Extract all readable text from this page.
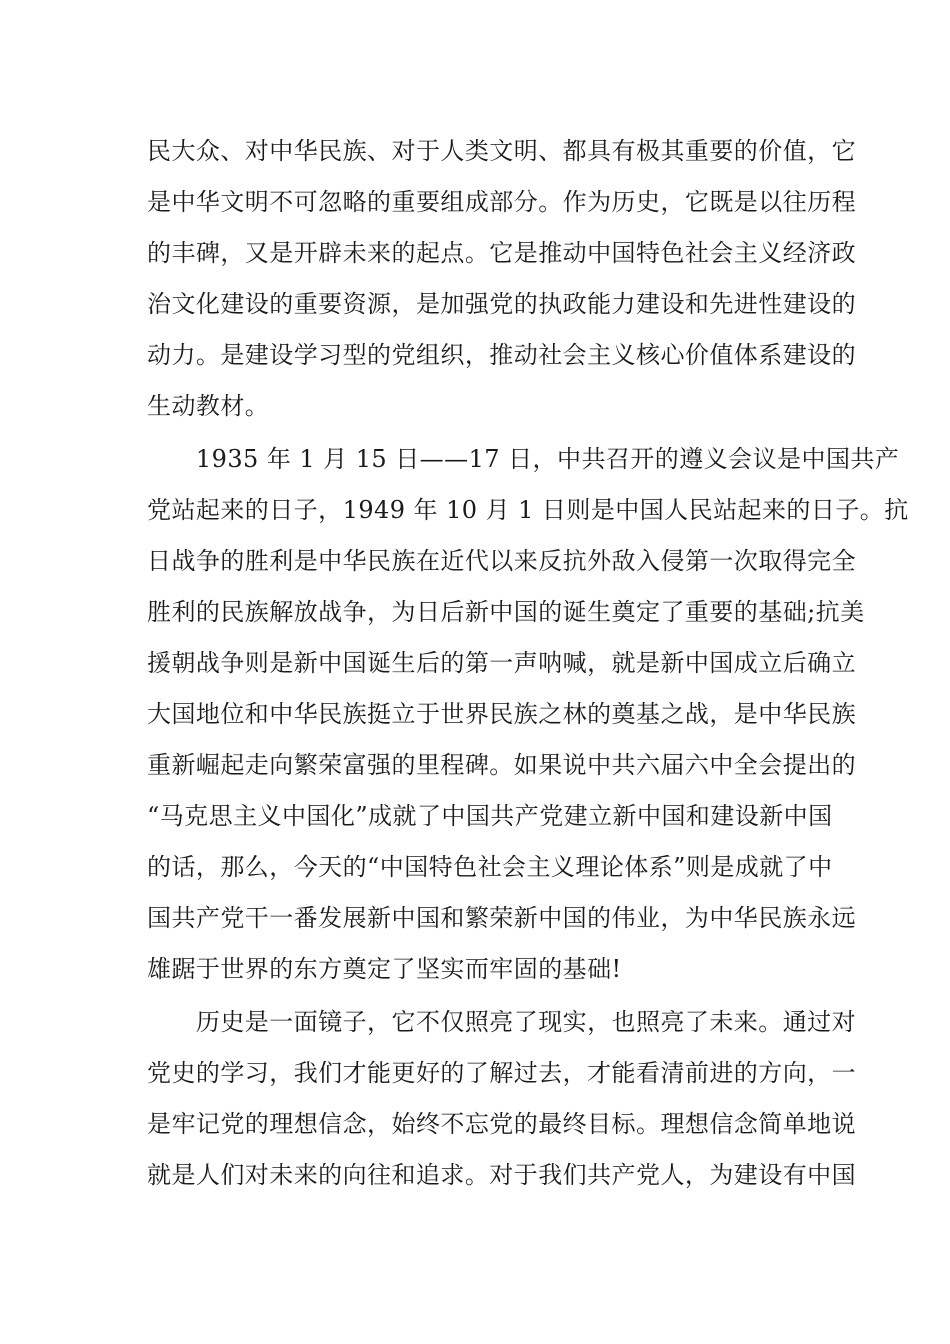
民大众、对中华民族、对于人类文明、都具有极其重要的价值，它
是中华文明不可忽略的重要组成部分。作为历史，它既是以往历程
的丰碑，又是开辟未来的起点。它是推动中国特色社会主义经济政
治文化建设的重要资源，是加强党的执政能力建设和先进性建设的
动力。是建设学习型的党组织，推动社会主义核心价值体系建设的
生动教材。
　　1935 年 1 月 15 日——17 日，中共召开的遵义会议是中国共产
党站起来的日子，1949 年 10 月 1 日则是中国人民站起来的日子。抗
日战争的胜利是中华民族在近代以来反抗外敌入侵第一次取得完全
胜利的民族解放战争，为日后新中国的诞生奠定了重要的基础;抗美
援朝战争则是新中国诞生后的第一声呐喊，就是新中国成立后确立
大国地位和中华民族挺立于世界民族之林的奠基之战，是中华民族
重新崛起走向繁荣富强的里程碑。如果说中共六届六中全会提出的
“马克思主义中国化”成就了中国共产党建立新中国和建设新中国
的话，那么，今天的“中国特色社会主义理论体系”则是成就了中
国共产党干一番发展新中国和繁荣新中国的伟业，为中华民族永远
雄踞于世界的东方奠定了坚实而牢固的基础!
　　历史是一面镜子，它不仅照亮了现实，也照亮了未来。通过对
党史的学习，我们才能更好的了解过去，才能看清前进的方向，一
是牢记党的理想信念，始终不忘党的最终目标。理想信念简单地说
就是人们对未来的向往和追求。对于我们共产党人，为建设有中国
